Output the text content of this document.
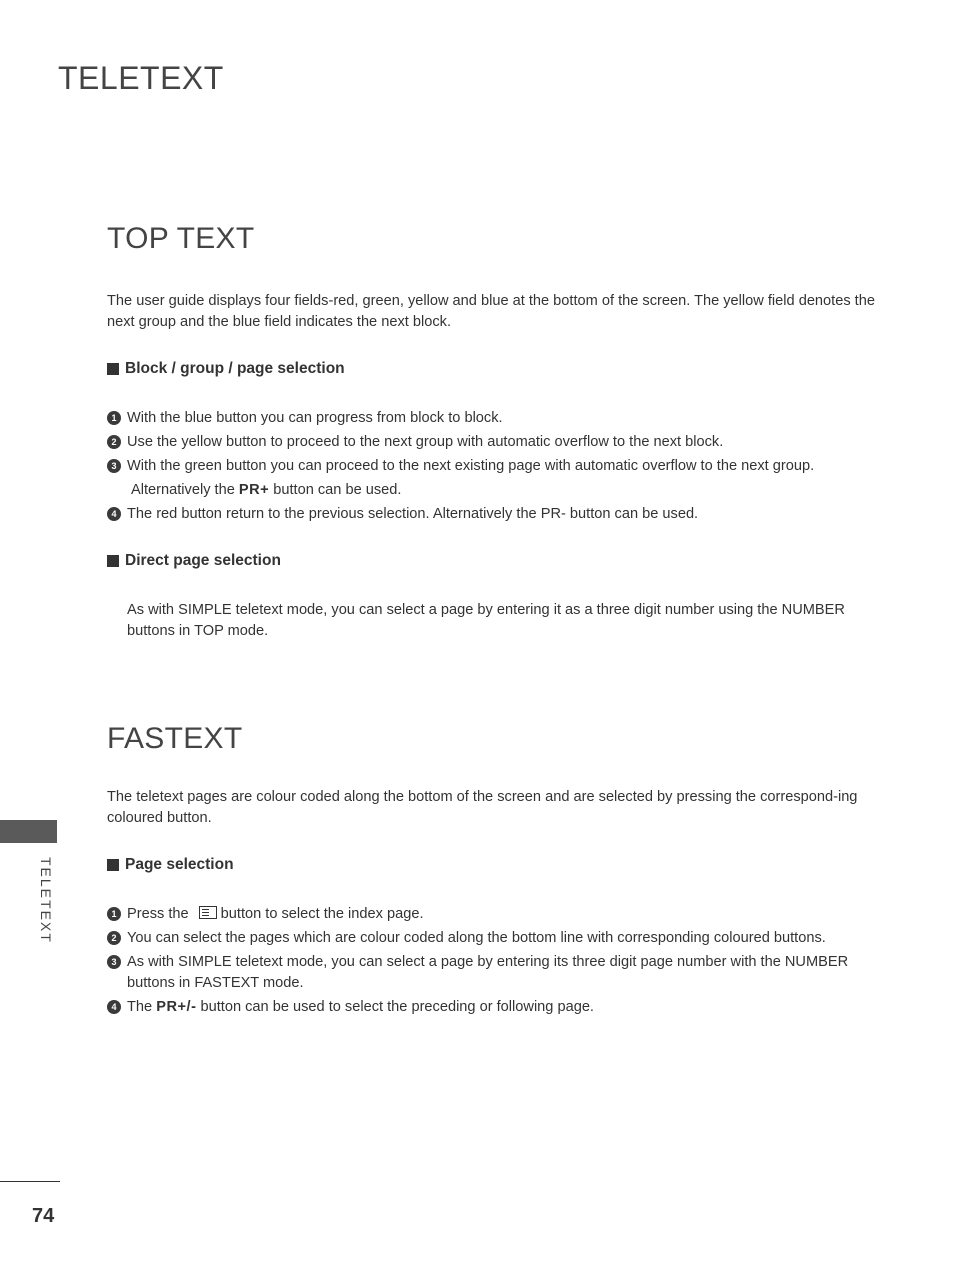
TELETEXT
TOP TEXT

The user guide displays four fields-red, green, yellow and blue at the bottom of the screen. The yellow field denotes the next group and the blue field indicates the next block.

Block / group / page selection
1 With the blue button you can progress from block to block.
2 Use the yellow button to proceed to the next group with automatic overflow to the next block.
3 With the green button you can proceed to the next existing page with automatic overflow to the next group.
Alternatively the PR+ button can be used.
4 The red button return to the previous selection. Alternatively the PR- button can be used.
Direct page selection

As with SIMPLE teletext mode, you can select a page by entering it as a three digit number using the NUMBER buttons in TOP mode.

FASTEXT

The teletext pages are colour coded along the bottom of the screen and are selected by pressing the correspond-ing coloured button.

Page selection
1 Press the button to select the index page.
2 You can select the pages which are colour coded along the bottom line with corresponding coloured buttons.
3 As with SIMPLE teletext mode, you can select a page by entering its three digit page number with the NUMBER buttons in FASTEXT mode.
4 The PR+/- button can be used to select the preceding or following page.
TELETEXT
74
